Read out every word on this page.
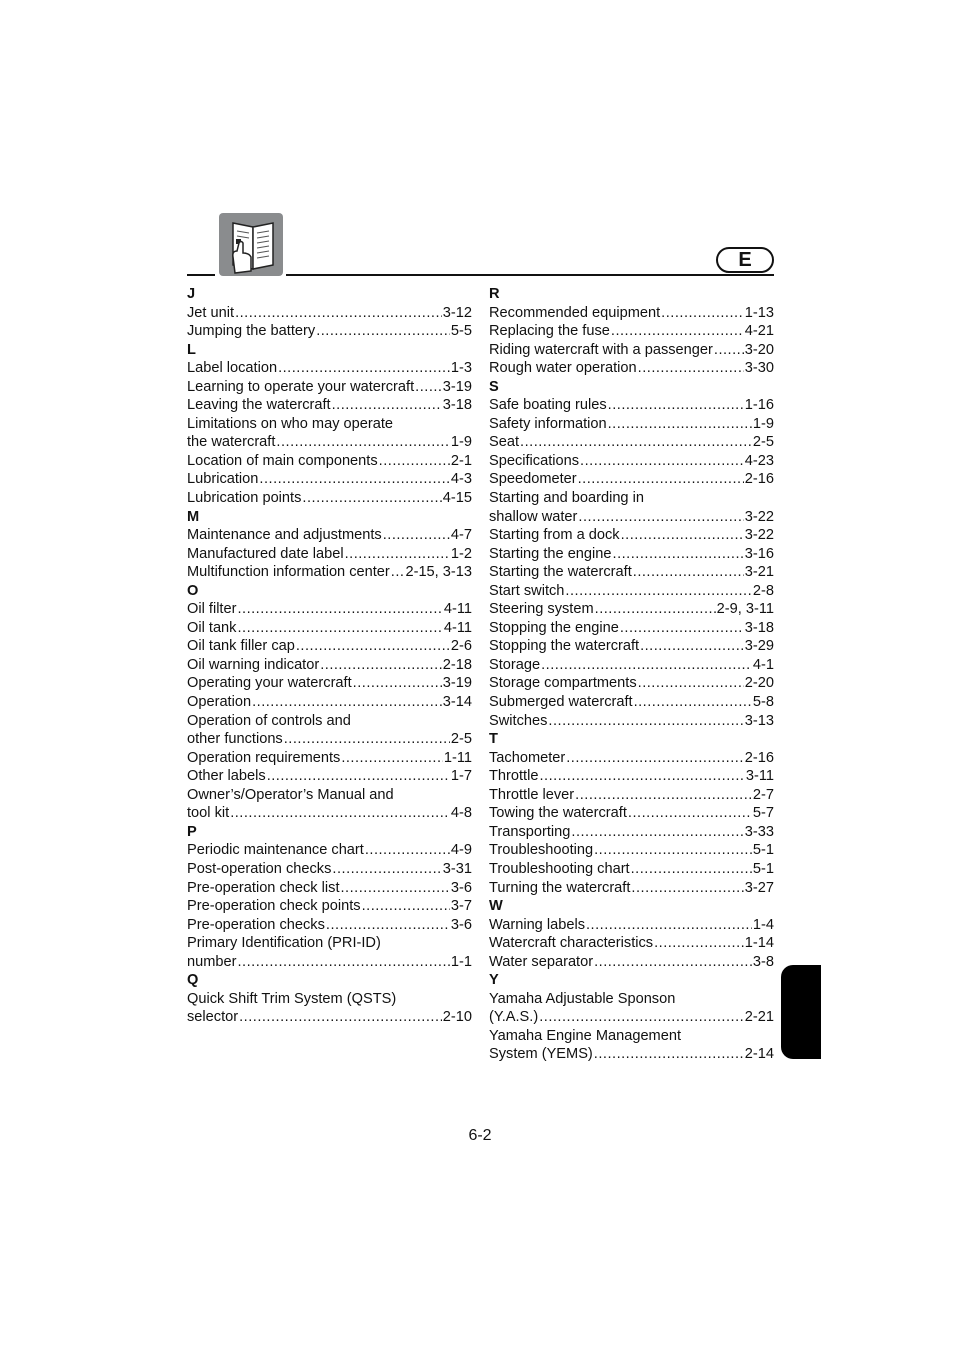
E
J
Jet unit .....	3-12
Jumping the battery .....	5-5
L
Label location .....	1-3
Learning to operate your watercraft ..... 3-19
Leaving the watercraft .....	3-18
Limitations on who may operate
the watercraft .....	1-9
Location of main components .....	2-1
Lubrication .....	4-3
Lubrication points .....	4-15
M
Maintenance and adjustments .....	4-7
Manufactured date label .....	1-2
Multifunction information center ..... 2-15, 3-13
O
Oil filter .....	4-11
Oil tank .....	4-11
Oil tank filler cap .....	2-6
Oil warning indicator .....	2-18
Operating your watercraft .....	3-19
Operation .....	3-14
Operation of controls and
other functions .....	2-5
Operation requirements .....	1-11
Other labels .....	1-7
Owner’s/Operator’s Manual and
tool kit .....	4-8
P
Periodic maintenance chart .....	4-9
Post-operation checks .....	3-31
Pre-operation check list .....	3-6
Pre-operation check points .....	3-7
Pre-operation checks .....	3-6
Primary Identification (PRI-ID)
number .....	1-1
Q
Quick Shift Trim System (QSTS)
selector .....	2-10
R
Recommended equipment .....	1-13
Replacing the fuse .....	4-21
Riding watercraft with a passenger ..... 3-20
Rough water operation .....	3-30
S
Safe boating rules .....	1-16
Safety information .....	1-9
Seat .....	2-5
Specifications .....	4-23
Speedometer .....	2-16
Starting and boarding in
shallow water .....	3-22
Starting from a dock .....	3-22
Starting the engine .....	3-16
Starting the watercraft .....	3-21
Start switch .....	2-8
Steering system .....	2-9, 3-11
Stopping the engine .....	3-18
Stopping the watercraft .....	3-29
Storage .....	4-1
Storage compartments .....	2-20
Submerged watercraft .....	5-8
Switches .....	3-13
T
Tachometer .....	2-16
Throttle .....	3-11
Throttle lever .....	2-7
Towing the watercraft .....	5-7
Transporting .....	3-33
Troubleshooting .....	5-1
Troubleshooting chart .....	5-1
Turning the watercraft .....	3-27
W
Warning labels .....	1-4
Watercraft characteristics .....	1-14
Water separator .....	3-8
Y
Yamaha Adjustable Sponson
(Y.A.S.) .....	2-21
Yamaha Engine Management
System (YEMS) .....	2-14
6-2
